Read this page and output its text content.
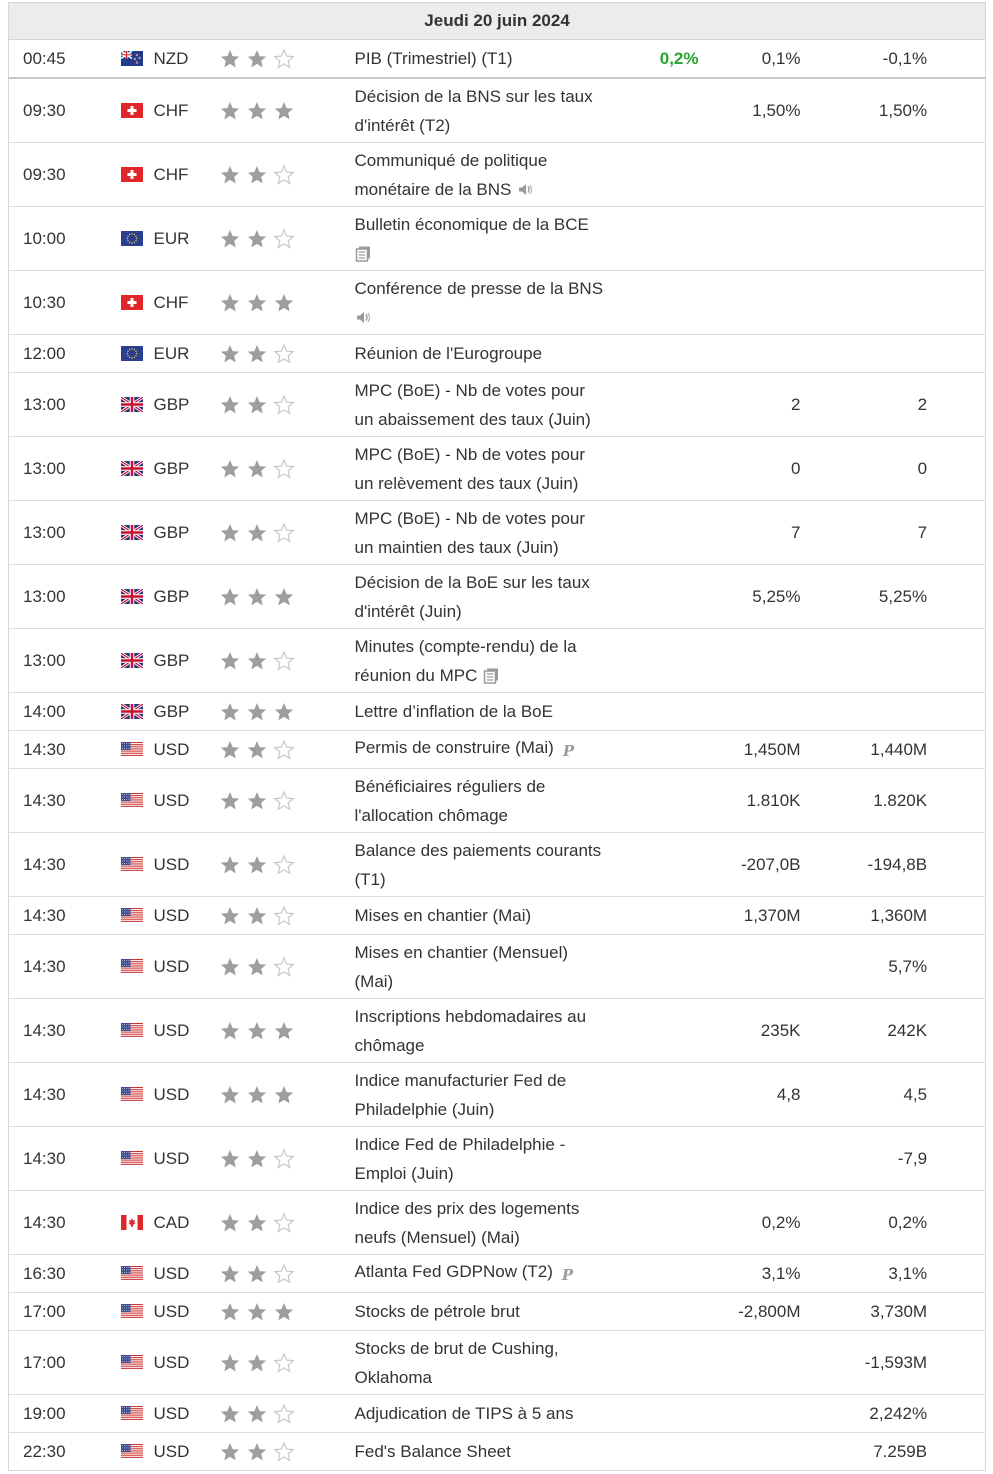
Jeudi 20 juin 2024						
00:45	NZD		PIB (Trimestriel) (T1)	0,2%	0,1%	-0,1%
09:30	CHF		Décision de la BNS sur les taux
d'intérêt (T2)		1,50%	1,50%
09:30	CHF		Communiqué de politique
monétaire de la BNS			
10:00	EUR		Bulletin économique de la BCE

10:30	CHF		Conférence de presse de la BNS

12:00	EUR		Réunion de l'Eurogroupe			
13:00	GBP		MPC (BoE) - Nb de votes pour
un abaissement des taux (Juin)		2	2
13:00	GBP		MPC (BoE) - Nb de votes pour
un relèvement des taux (Juin)		0	0
13:00	GBP		MPC (BoE) - Nb de votes pour
un maintien des taux (Juin)		7	7
13:00	GBP		Décision de la BoE sur les taux
d'intérêt (Juin)		5,25%	5,25%
13:00	GBP		Minutes (compte-rendu) de la
réunion du MPC			
14:00	GBP		Lettre d’inflation de la BoE			
14:30	USD		Permis de construire (Mai) P		1,450M	1,440M
14:30	USD		Bénéficiaires réguliers de
l'allocation chômage		1.810K	1.820K
14:30	USD		Balance des paiements courants
(T1)		-207,0B	-194,8B
14:30	USD		Mises en chantier (Mai)		1,370M	1,360M
14:30	USD		Mises en chantier (Mensuel)
(Mai)			5,7%
14:30	USD		Inscriptions hebdomadaires au
chômage		235K	242K
14:30	USD		Indice manufacturier Fed de
Philadelphie (Juin)		4,8	4,5
14:30	USD		Indice Fed de Philadelphie -
Emploi (Juin)			-7,9
14:30	CAD		Indice des prix des logements
neufs (Mensuel) (Mai)		0,2%	0,2%
16:30	USD		Atlanta Fed GDPNow (T2) P		3,1%	3,1%
17:00	USD		Stocks de pétrole brut		-2,800M	3,730M
17:00	USD		Stocks de brut de Cushing,
Oklahoma			-1,593M
19:00	USD		Adjudication de TIPS à 5 ans			2,242%
22:30	USD		Fed's Balance Sheet			7.259B
